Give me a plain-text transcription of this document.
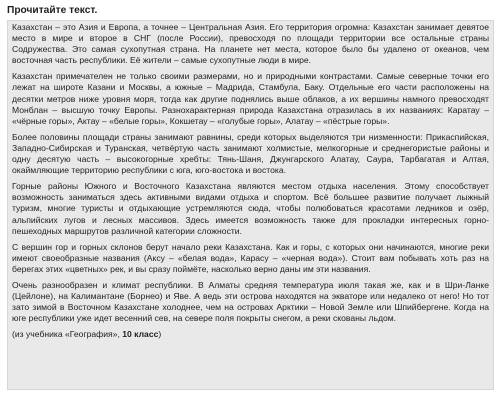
Прочитайте текст.

Казахстан – это Азия и Европа, а точнее – Центральная Азия. Его территория огромна: Казахстан занимает девятое место в мире и второе в СНГ (после России), превосходя по площади территории все остальные страны Содружества. Это самая сухопутная страна. На планете нет места, которое было бы удалено от океанов, чем восточная часть республики. Её жители – самые сухопутные люди в мире.

Казахстан примечателен не только своими размерами, но и природными контрастами. Самые северные точки его лежат на широте Казани и Москвы, а южные – Мадрида, Стамбула, Баку. Отдельные его части расположены на десятки метров ниже уровня моря, тогда как другие поднялись выше облаков, а их вершины намного превосходят Монблан – высшую точку Европы. Разнохарактерная природа Казахстана отразилась в их названиях: Каратау – «чёрные горы», Актау – «белые горы», Кокшетау – «голубые горы», Алатау – «пёстрые горы».

Более половины площади страны занимают равнины, среди которых выделяются три низменности: Прикаспийская, Западно-Сибирская и Туранская, четвёртую часть занимают холмистые, мелкогорные и среднегористые районы и одну десятую часть – высокогорные хребты: Тянь-Шаня, Джунгарского Алатау, Саура, Тарбагатая и Алтая, окаймляющие территорию республики с юга, юго-востока и востока.

Горные районы Южного и Восточного Казахстана являются местом отдыха населения. Этому способствует возможность заниматься здесь активными видами отдыха и спортом. Всё большее развитие получает лыжный туризм, многие туристы и отдыхающие устремляются сюда, чтобы полюбоваться красотами ледников и озёр, альпийских лугов и лесных массивов. Здесь имеется возможность также для прокладки интересных горно-пешеходных маршрутов различной категории сложности.

С вершин гор и горных склонов берут начало реки Казахстана. Как и горы, с которых они начинаются, многие реки имеют своеобразные названия (Аксу – «белая вода», Карасу – «черная вода»). Стоит вам побывать хоть раз на берегах этих «цветных» рек, и вы сразу поймёте, насколько верно даны им эти названия.

Очень разнообразен и климат республики. В Алматы средняя температура июля такая же, как и в Шри-Ланке (Цейлоне), на Калимантане (Борнео) и Яве. А ведь эти острова находятся на экваторе или недалеко от него! Но тот зато зимой в Восточном Казахстане холоднее, чем на островах Арктики – Новой Земле или Шпийбергене. Когда на юге республики уже идет весенний сев, на севере поля покрыты снегом, а реки скованы льдом.

(из учебника «География», 10 класс)
